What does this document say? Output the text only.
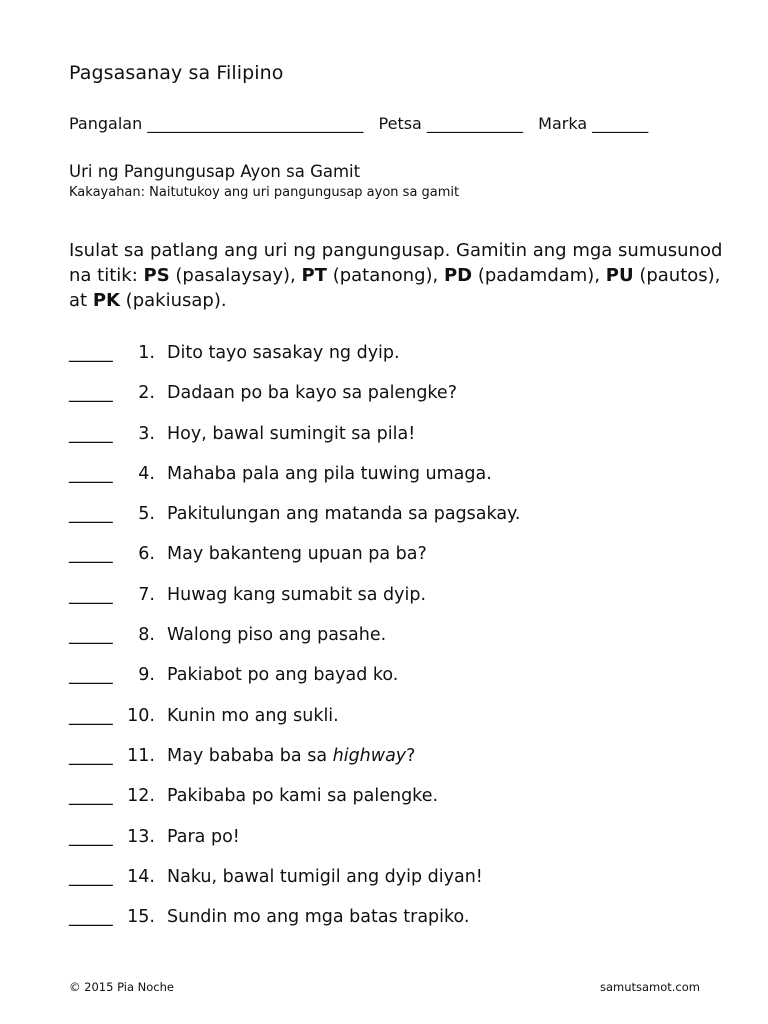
Pagsasanay sa Filipino
Pangalan ___________________________ Petsa ____________ Marka _______
Uri ng Pangungusap Ayon sa Gamit
Kakayahan: Naitutukoy ang uri pangungusap ayon sa gamit
Isulat sa patlang ang uri ng pangungusap. Gamitin ang mga sumusunod na titik: PS (pasalaysay), PT (patanong), PD (padamdam), PU (pautos), at PK (pakiusap).
_____	1. Dito tayo sasakay ng dyip.
_____	2. Dadaan po ba kayo sa palengke?
_____	3. Hoy, bawal sumingit sa pila!
_____	4. Mahaba pala ang pila tuwing umaga.
_____	5. Pakitulungan ang matanda sa pagsakay.
_____	6. May bakanteng upuan pa ba?
_____	7. Huwag kang sumabit sa dyip.
_____	8. Walong piso ang pasahe.
_____	9. Pakiabot po ang bayad ko.
_____ 10. Kunin mo ang sukli.
_____ 11. May bababa ba sa highway?
_____ 12. Pakibaba po kami sa palengke.
_____ 13. Para po!
_____ 14. Naku, bawal tumigil ang dyip diyan!
_____ 15. Sundin mo ang mga batas trapiko.
© 2015 Pia Noche	samutsamot.com
